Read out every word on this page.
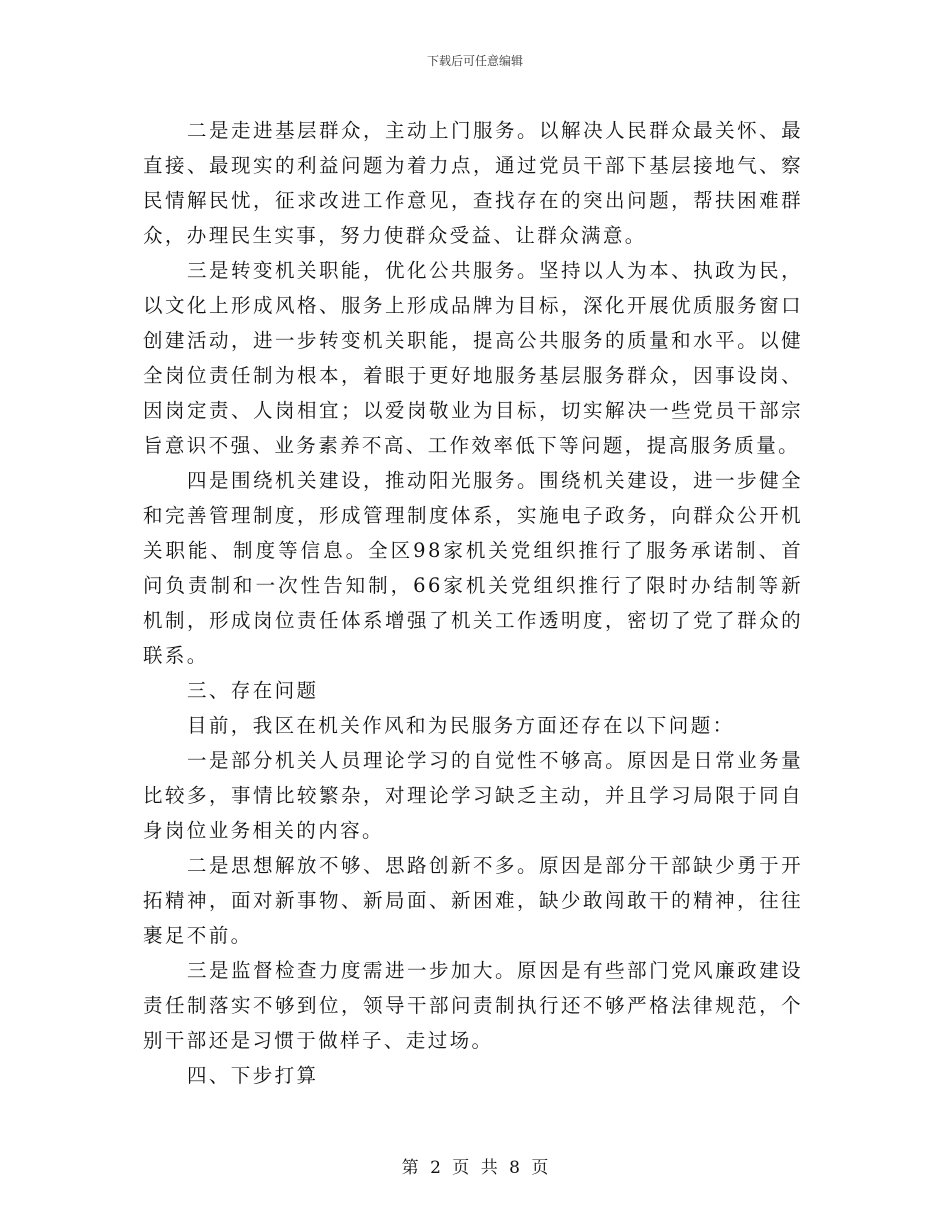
下载后可任意编辑

二是走进基层群众，主动上门服务。以解决人民群众最关怀、最直接、最现实的利益问题为着力点，通过党员干部下基层接地气、察民情解民忧，征求改进工作意见，查找存在的突出问题，帮扶困难群众，办理民生实事，努力使群众受益、让群众满意。

三是转变机关职能，优化公共服务。坚持以人为本、执政为民，以文化上形成风格、服务上形成品牌为目标，深化开展优质服务窗口创建活动，进一步转变机关职能，提高公共服务的质量和水平。以健全岗位责任制为根本，着眼于更好地服务基层服务群众，因事设岗、因岗定责、人岗相宜；以爱岗敬业为目标，切实解决一些党员干部宗旨意识不强、业务素养不高、工作效率低下等问题，提高服务质量。

四是围绕机关建设，推动阳光服务。围绕机关建设，进一步健全和完善管理制度，形成管理制度体系，实施电子政务，向群众公开机关职能、制度等信息。全区98家机关党组织推行了服务承诺制、首问负责制和一次性告知制，66家机关党组织推行了限时办结制等新机制，形成岗位责任体系增强了机关工作透明度，密切了党了群众的联系。

三、存在问题

目前，我区在机关作风和为民服务方面还存在以下问题：

一是部分机关人员理论学习的自觉性不够高。原因是日常业务量比较多，事情比较繁杂，对理论学习缺乏主动，并且学习局限于同自身岗位业务相关的内容。

二是思想解放不够、思路创新不多。原因是部分干部缺少勇于开拓精神，面对新事物、新局面、新困难，缺少敢闯敢干的精神，往往裹足不前。

三是监督检查力度需进一步加大。原因是有些部门党风廉政建设责任制落实不够到位，领导干部问责制执行还不够严格法律规范，个别干部还是习惯于做样子、走过场。

四、下步打算

第 2 页 共 8 页
